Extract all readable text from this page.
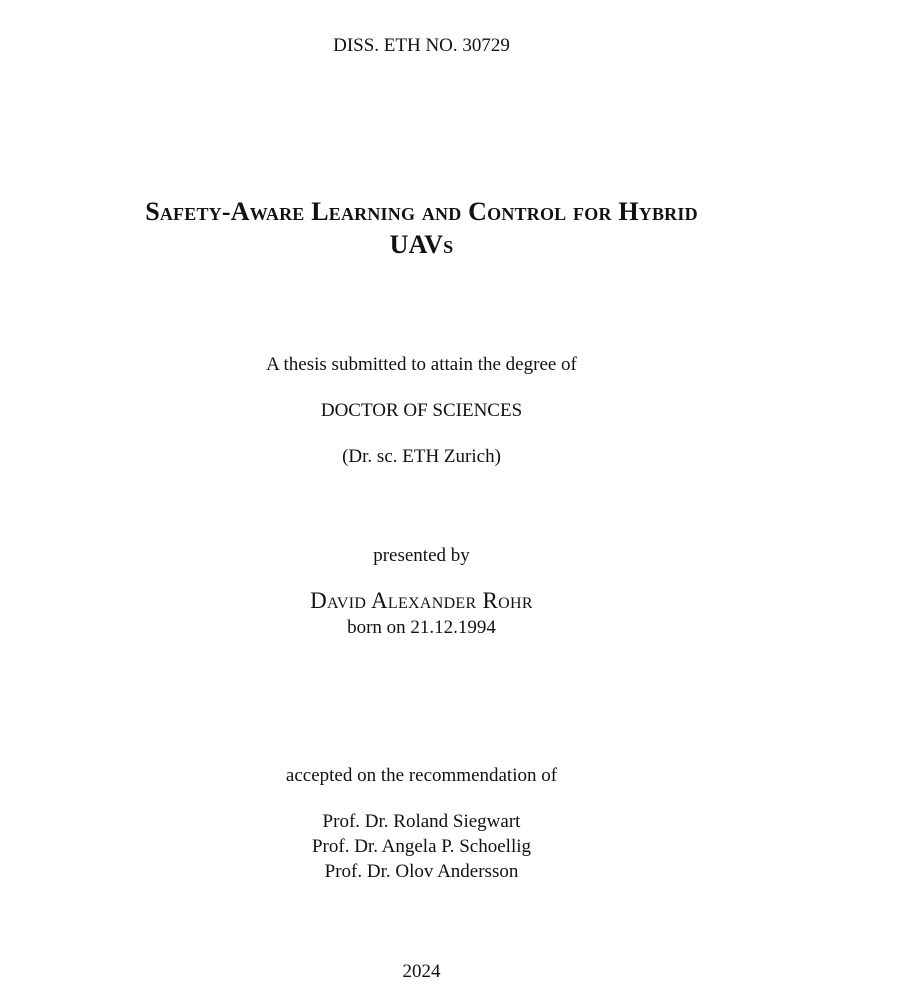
DISS. ETH NO. 30729
Safety-Aware Learning and Control for Hybrid
UAVs
A thesis submitted to attain the degree of
DOCTOR OF SCIENCES
(Dr. sc. ETH Zurich)
presented by
David Alexander Rohr
born on 21.12.1994
accepted on the recommendation of
Prof. Dr. Roland Siegwart
Prof. Dr. Angela P. Schoellig
Prof. Dr. Olov Andersson
2024
